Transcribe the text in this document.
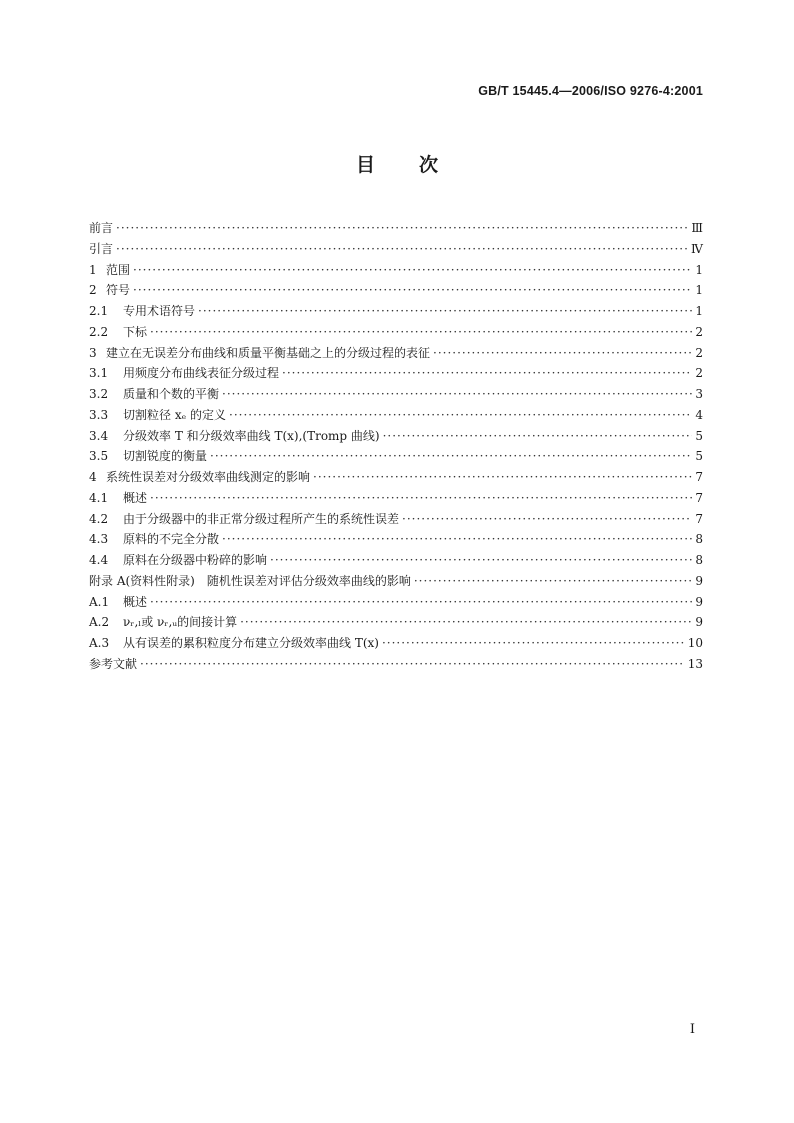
GB/T 15445.4—2006/ISO 9276-4:2001
目次
前言 ·····	Ⅲ
引言 ·····	Ⅳ
1 范围 ·····	1
2 符号 ·····	1
2.1	专用术语符号 ·····	1
2.2	下标 ·····	2
3 建立在无误差分布曲线和质量平衡基础之上的分级过程的表征 ·····	2
3.1	用频度分布曲线表征分级过程 ·····	2
3.2	质量和个数的平衡 ·····	3
3.3	切割粒径 xₑ 的定义 ·····	4
3.4	分级效率 T 和分级效率曲线 T(x),(Tromp 曲线) ·····	5
3.5	切割锐度的衡量 ·····	5
4 系统性误差对分级效率曲线测定的影响 ·····	7
4.1	概述 ·····	7
4.2	由于分级器中的非正常分级过程所产生的系统性误差 ·····	7
4.3	原料的不完全分散 ·····	8
4.4	原料在分级器中粉碎的影响 ·····	8
附录 A(资料性附录)　随机性误差对评估分级效率曲线的影响 ·····	9
A.1	概述 ·····	9
A.2	νᵣ,ₗ或 νᵣ,ᵤ的间接计算 ·····	9
A.3	从有误差的累积粒度分布建立分级效率曲线 T(x) ·····	10
参考文献 ·····	13
I
